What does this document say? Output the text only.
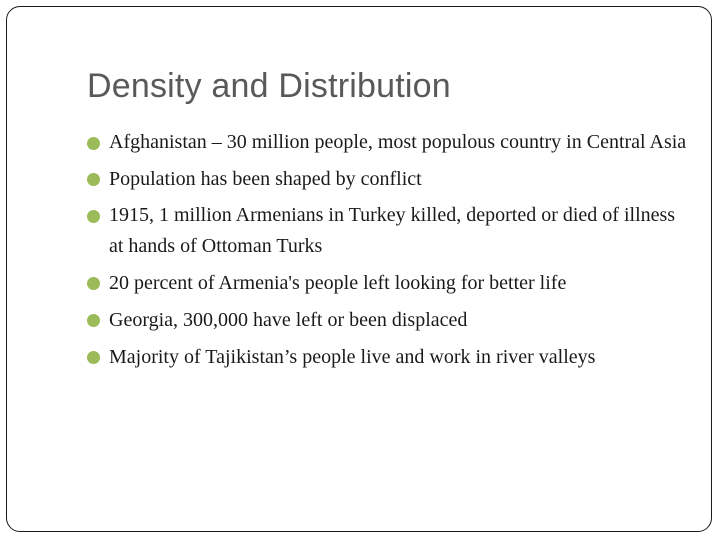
Density and Distribution
Afghanistan – 30 million people, most populous country in Central Asia
Population has been shaped by conflict
1915, 1 million Armenians in Turkey killed, deported or died of illness at hands of Ottoman Turks
20 percent of Armenia's people left looking for better life
Georgia, 300,000 have left or been displaced
Majority of Tajikistan’s people live and work in river valleys
